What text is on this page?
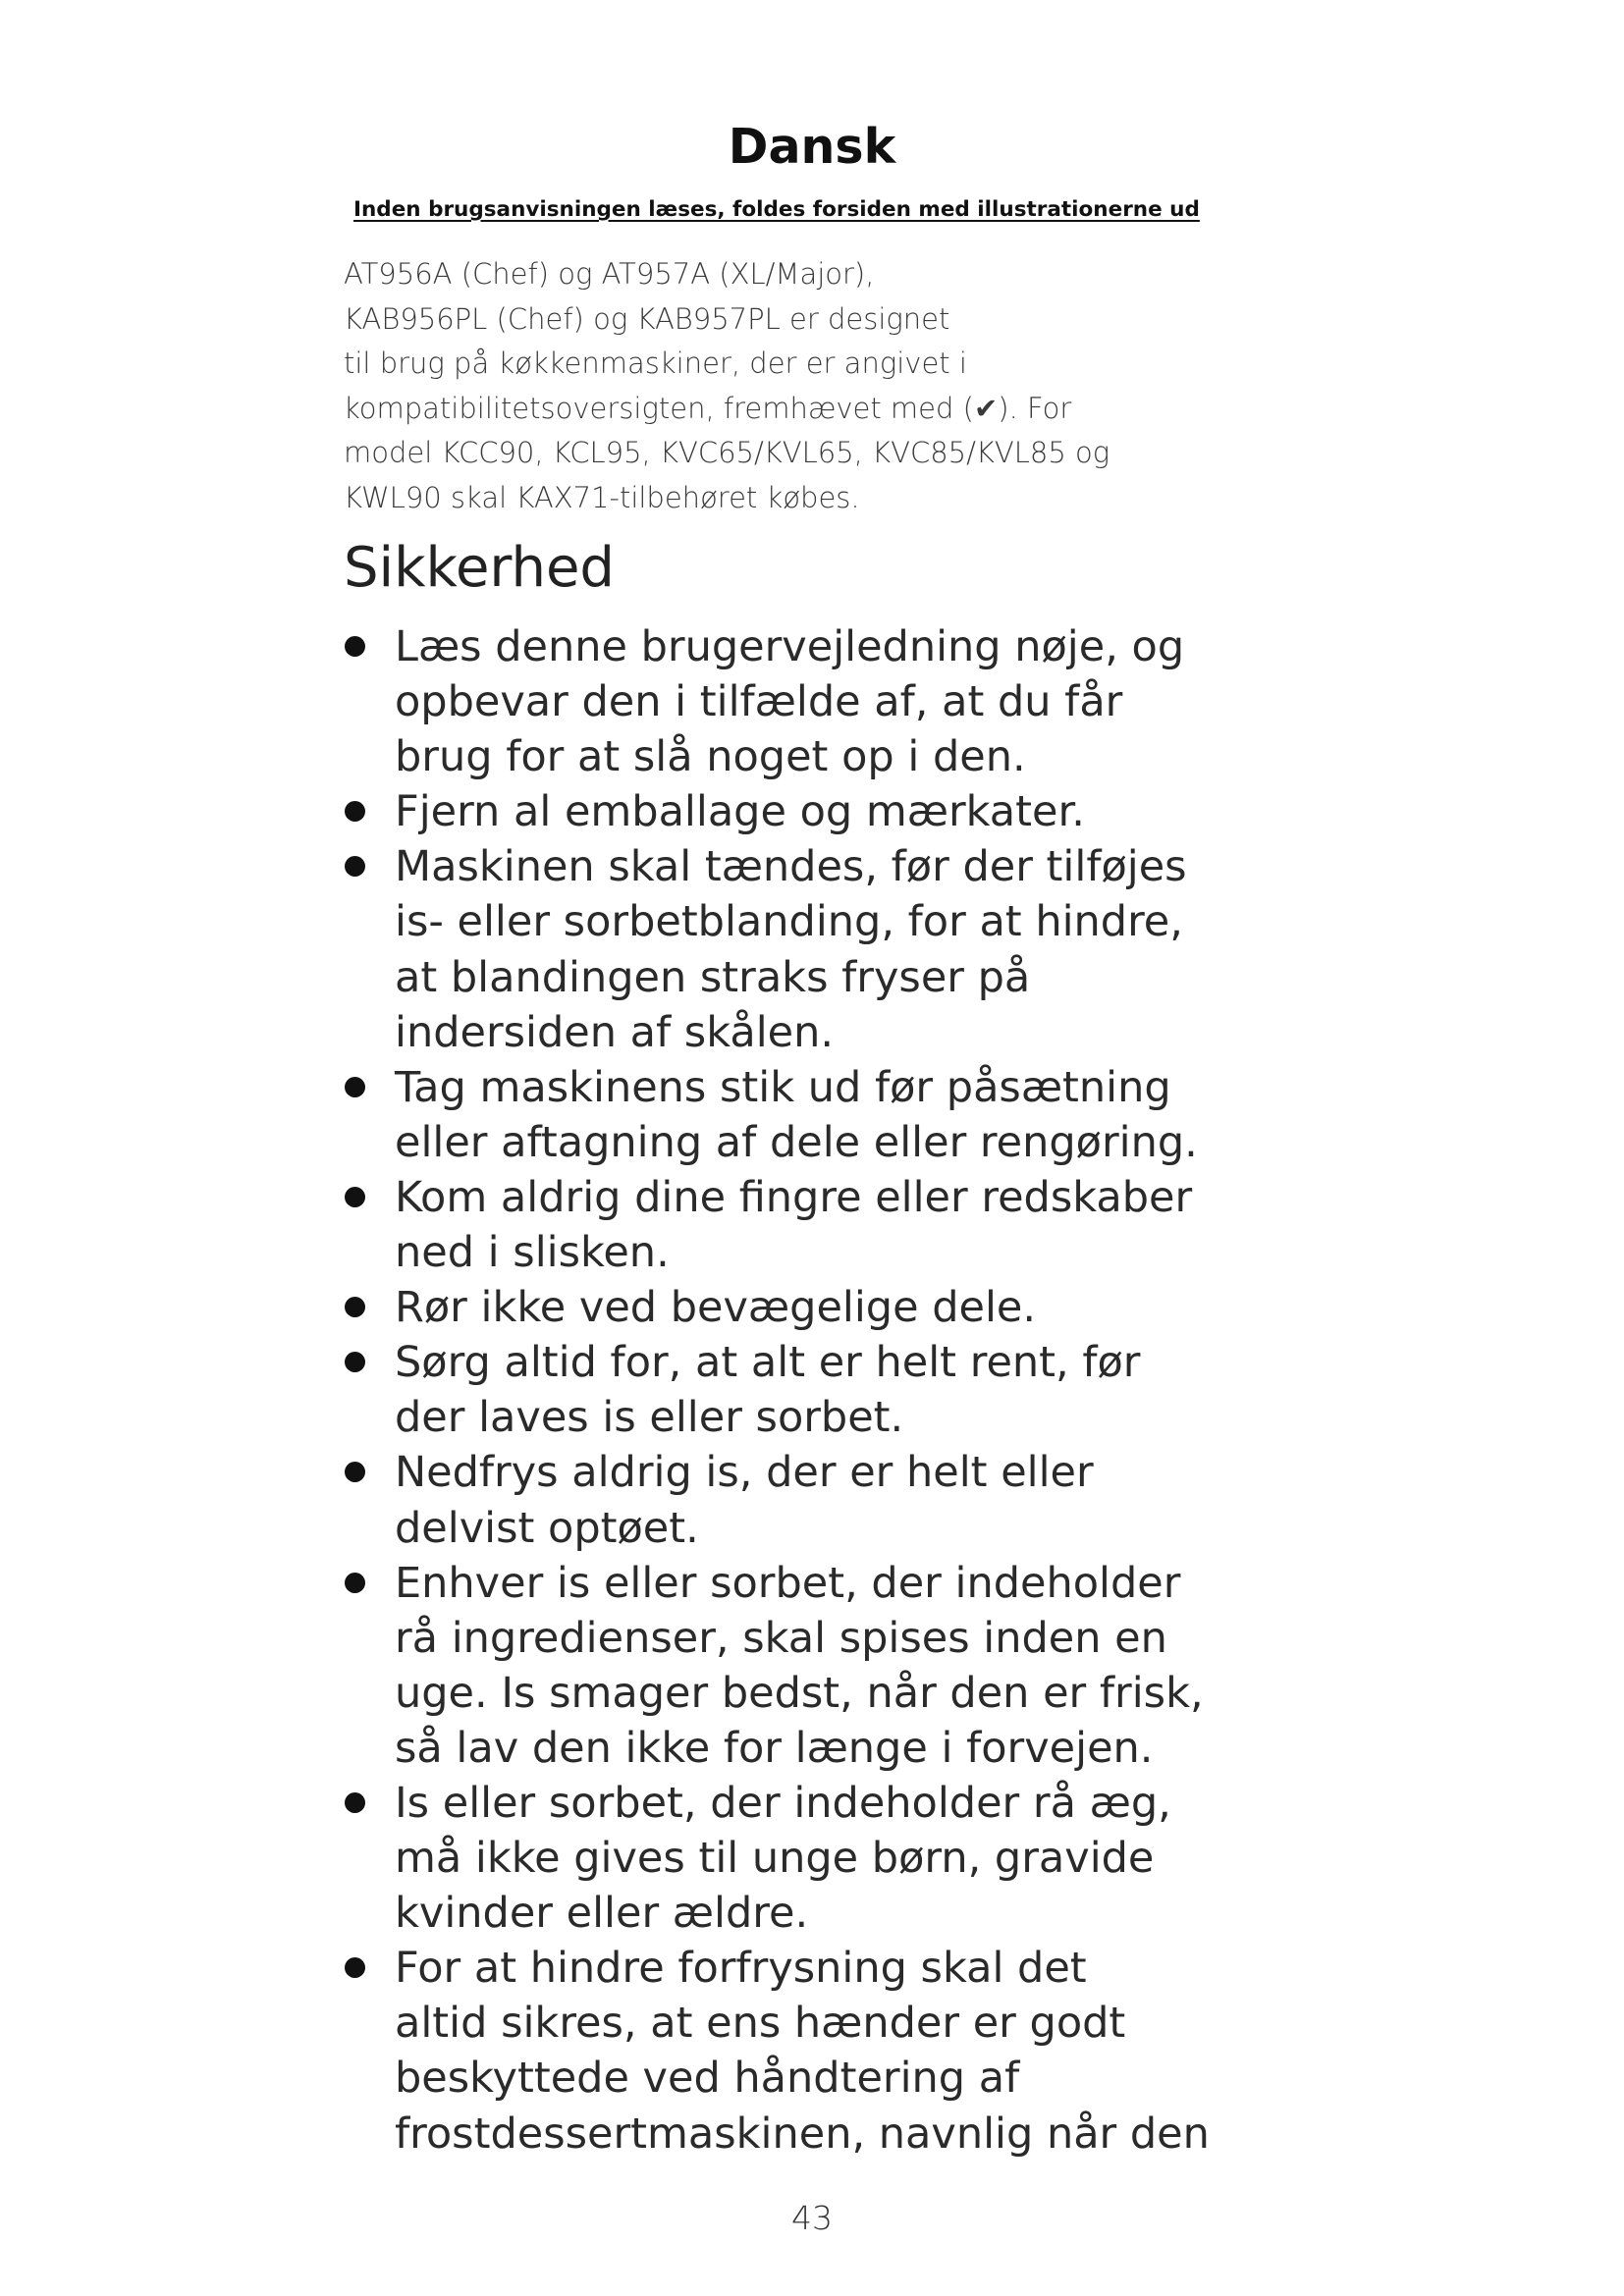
Dansk
Inden brugsanvisningen læses, foldes forsiden med illustrationerne ud

AT956A (Chef) og AT957A (XL/Major),
KAB956PL (Chef) og KAB957PL er designet
til brug på køkkenmaskiner, der er angivet i
kompatibilitetsoversigten, fremhævet med (✔). For
model KCC90, KCL95, KVC65/KVL65, KVC85/KVL85 og
KWL90 skal KAX71-tilbehøret købes.

Sikkerhed
Læs denne brugervejledning nøje, og
opbevar den i tilfælde af, at du får
brug for at slå noget op i den.
Fjern al emballage og mærkater.
Maskinen skal tændes, før der tilføjes
is- eller sorbetblanding, for at hindre,
at blandingen straks fryser på
indersiden af skålen.
Tag maskinens stik ud før påsætning
eller aftagning af dele eller rengøring.
Kom aldrig dine fingre eller redskaber
ned i slisken.
Rør ikke ved bevægelige dele.
Sørg altid for, at alt er helt rent, før
der laves is eller sorbet.
Nedfrys aldrig is, der er helt eller
delvist optøet.
Enhver is eller sorbet, der indeholder
rå ingredienser, skal spises inden en
uge. Is smager bedst, når den er frisk,
så lav den ikke for længe i forvejen.
Is eller sorbet, der indeholder rå æg,
må ikke gives til unge børn, gravide
kvinder eller ældre.
For at hindre forfrysning skal det
altid sikres, at ens hænder er godt
beskyttede ved håndtering af
frostdessertmaskinen, navnlig når den
43
